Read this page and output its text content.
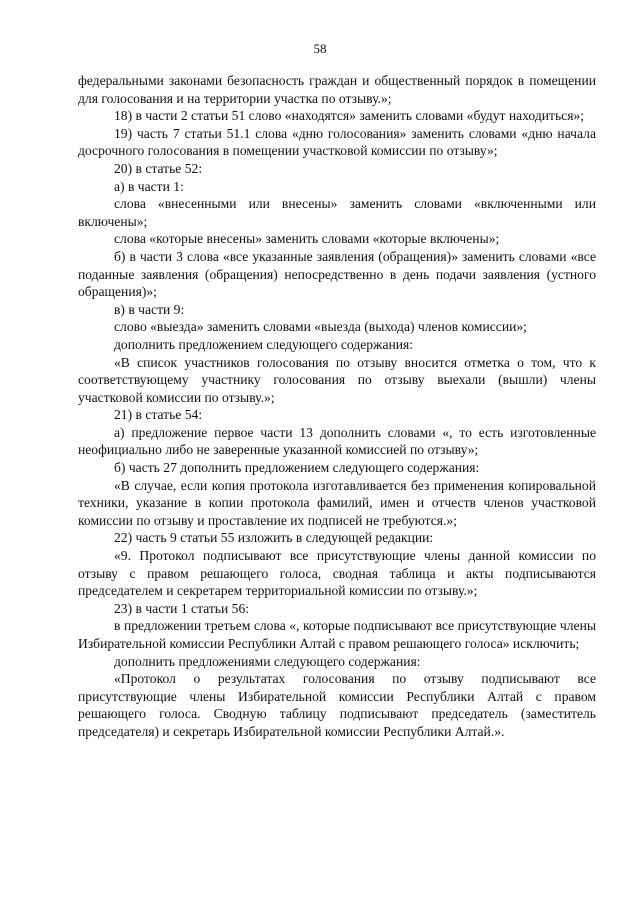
58

федеральными законами безопасность граждан и общественный порядок в помещении для голосования и на территории участка по отзыву.»;

18) в части 2 статьи 51 слово «находятся» заменить словами «будут находиться»;

19) часть 7 статьи 51.1 слова «дню голосования» заменить словами «дню начала досрочного голосования в помещении участковой комиссии по отзыву»;

20) в статье 52:

а) в части 1:

слова «внесенными или внесены» заменить словами «включенными или включены»;

слова «которые внесены» заменить словами «которые включены»;

б) в части 3 слова «все указанные заявления (обращения)» заменить словами «все поданные заявления (обращения) непосредственно в день подачи заявления (устного обращения)»;

в) в части 9:

слово «выезда» заменить словами «выезда (выхода) членов комиссии»;

дополнить предложением следующего содержания:

«В список участников голосования по отзыву вносится отметка о том, что к соответствующему участнику голосования по отзыву выехали (вышли) члены участковой комиссии по отзыву.»;

21) в статье 54:

а) предложение первое части 13 дополнить словами «, то есть изготовленные неофициально либо не заверенные указанной комиссией по отзыву»;

б) часть 27 дополнить предложением следующего содержания:

«В случае, если копия протокола изготавливается без применения копировальной техники, указание в копии протокола фамилий, имен и отчеств членов участковой комиссии по отзыву и проставление их подписей не требуются.»;

22) часть 9 статьи 55 изложить в следующей редакции:

«9. Протокол подписывают все присутствующие члены данной комиссии по отзыву с правом решающего голоса, сводная таблица и акты подписываются председателем и секретарем территориальной комиссии по отзыву.»;

23) в части 1 статьи 56:

в предложении третьем слова «, которые подписывают все присутствующие члены Избирательной комиссии Республики Алтай с правом решающего голоса» исключить;

дополнить предложениями следующего содержания:

«Протокол о результатах голосования по отзыву подписывают все присутствующие члены Избирательной комиссии Республики Алтай с правом решающего голоса. Сводную таблицу подписывают председатель (заместитель председателя) и секретарь Избирательной комиссии Республики Алтай.».
